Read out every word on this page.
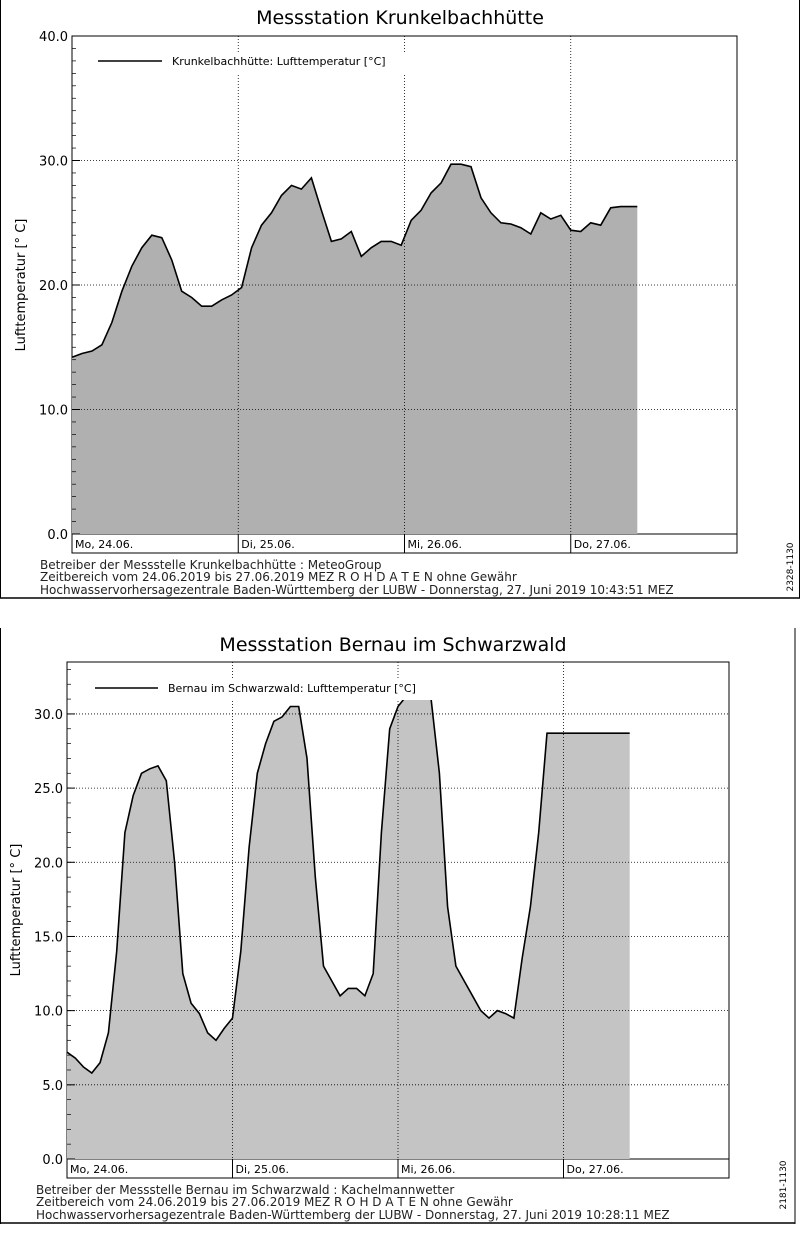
Messstation Krunkelbachhütte
0.0
10.0
20.0
30.0
40.0
Mo, 24.06.	Di, 25.06.	Mi, 26.06.	Do, 27.06.
Krunkelbachhütte: Lufttemperatur [°C]
Lufttemperatur [° C]
Betreiber der Messstelle Krunkelbachhütte : MeteoGroup
Zeitbereich vom 24.06.2019 bis 27.06.2019 MEZ R O H D A T E N ohne Gewähr
Hochwasservorhersagezentrale Baden-Württemberg der LUBW - Donnerstag, 27. Juni 2019 10:43:51 MEZ	2328-1130
Messstation Bernau im Schwarzwald
0.0
5.0
10.0
15.0
20.0
25.0
30.0
Mo, 24.06.	Di, 25.06.	Mi, 26.06.	Do, 27.06.
Bernau im Schwarzwald: Lufttemperatur [°C]
Lufttemperatur [° C]
Betreiber der Messstelle Bernau im Schwarzwald : Kachelmannwetter
Zeitbereich vom 24.06.2019 bis 27.06.2019 MEZ R O H D A T E N ohne Gewähr
Hochwasservorhersagezentrale Baden-Württemberg der LUBW - Donnerstag, 27. Juni 2019 10:28:11 MEZ
2181-1130
